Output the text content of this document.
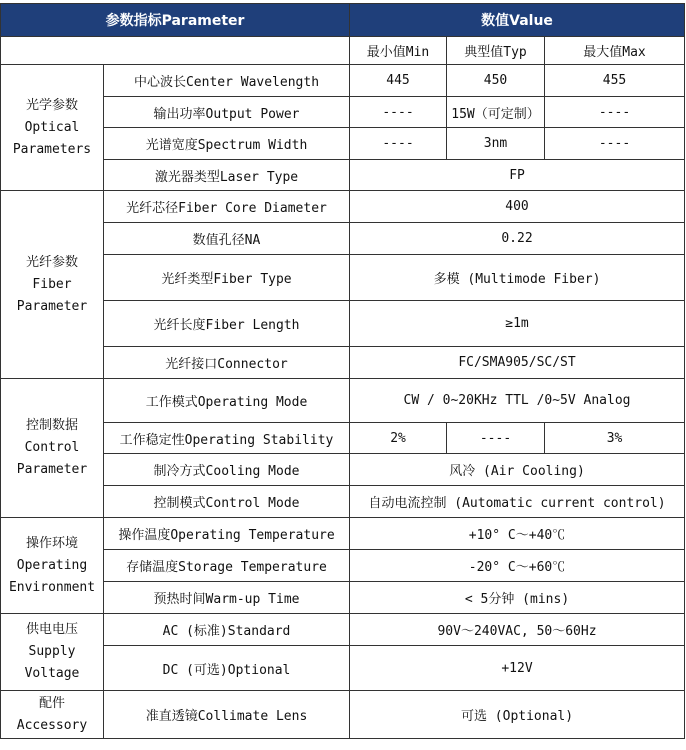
参数指标Parameter		数值Value		
		最小值Min	典型值Typ	最大值Max

光学参数
Optical
Parameters	中心波长Center Wavelength	445	450	455
	输出功率Output Power	----	15W（可定制）	----
	光谱宽度Spectrum Width	----	3nm	----
	激光器类型Laser Type	FP		

光纤参数
Fiber
Parameter	光纤芯径Fiber Core Diameter	400		
	数值孔径NA	0.22		
	光纤类型Fiber Type	多模 (Multimode Fiber)		
	光纤长度Fiber Length	≥1m		
	光纤接口Connector	FC/SMA905/SC/ST		

控制数据
Control
Parameter	工作模式Operating Mode	CW / 0~20KHz TTL /0~5V Analog		
	工作稳定性Operating Stability	2%	----	3%
	制冷方式Cooling Mode	风冷 (Air Cooling)		
	控制模式Control Mode	自动电流控制 (Automatic current control)		

操作环境
Operating
Environment	操作温度Operating Temperature	+10° C～+40℃		
	存储温度Storage Temperature	-20° C～+60℃		
	预热时间Warm-up Time	< 5分钟 (mins)		

供电电压
Supply
Voltage	AC (标准)Standard	90V～240VAC, 50～60Hz		
	DC (可选)Optional	+12V		

配件
Accessory	准直透镜Collimate Lens	可选 (Optional)		
